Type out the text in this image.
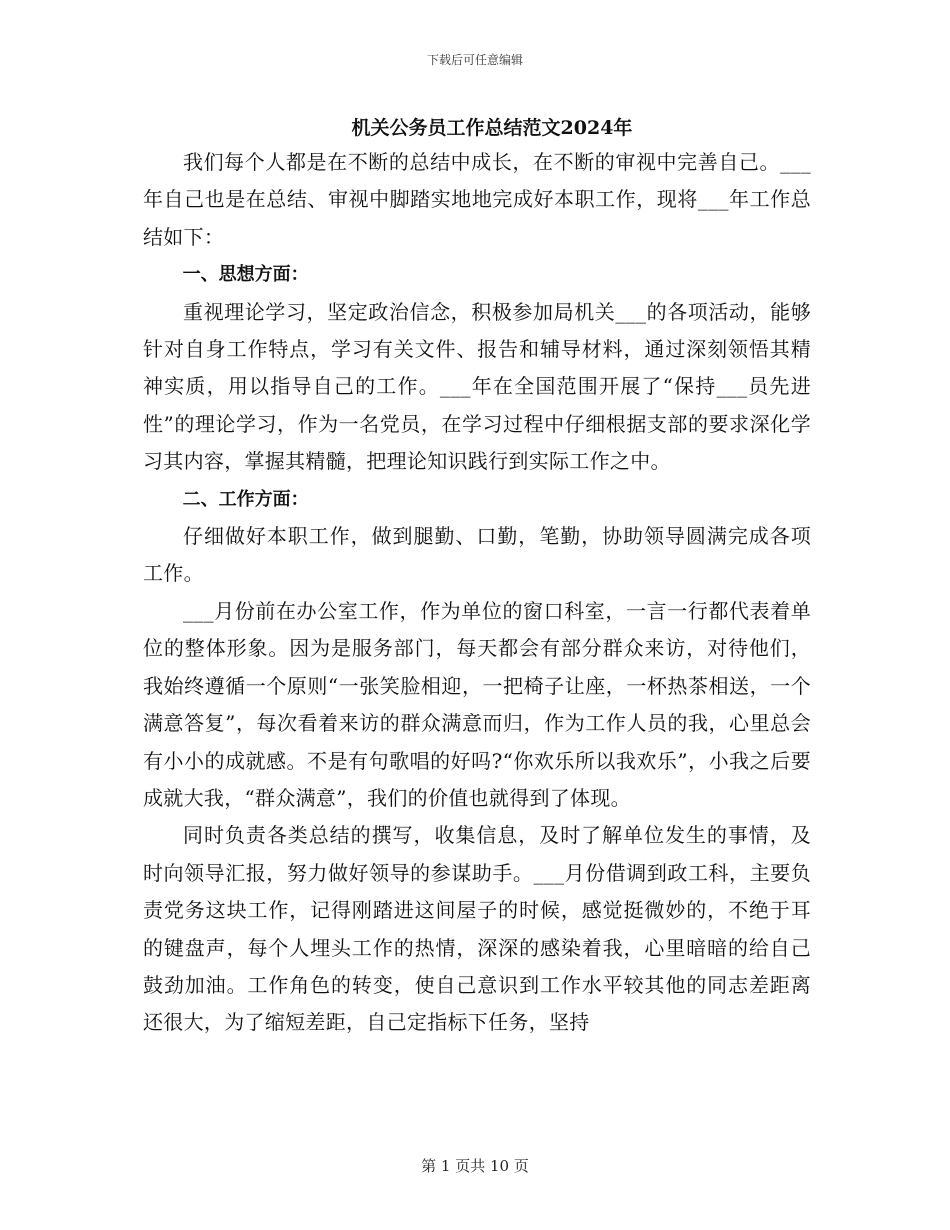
下载后可任意编辑
机关公务员工作总结范文2024年

我们每个人都是在不断的总结中成长，在不断的审视中完善自己。___年自己也是在总结、审视中脚踏实地地完成好本职工作，现将___年工作总结如下：

一、思想方面：

重视理论学习，坚定政治信念，积极参加局机关___的各项活动，能够针对自身工作特点，学习有关文件、报告和辅导材料，通过深刻领悟其精神实质，用以指导自己的工作。___年在全国范围开展了“保持___员先进性”的理论学习，作为一名党员，在学习过程中仔细根据支部的要求深化学习其内容，掌握其精髓，把理论知识践行到实际工作之中。

二、工作方面：

仔细做好本职工作，做到腿勤、口勤，笔勤，协助领导圆满完成各项工作。

___月份前在办公室工作，作为单位的窗口科室，一言一行都代表着单位的整体形象。因为是服务部门，每天都会有部分群众来访，对待他们，我始终遵循一个原则“一张笑脸相迎，一把椅子让座，一杯热茶相送，一个满意答复”，每次看着来访的群众满意而归，作为工作人员的我，心里总会有小小的成就感。不是有句歌唱的好吗?“你欢乐所以我欢乐”，小我之后要成就大我，“群众满意”，我们的价值也就得到了体现。

同时负责各类总结的撰写，收集信息，及时了解单位发生的事情，及时向领导汇报，努力做好领导的参谋助手。___月份借调到政工科，主要负责党务这块工作，记得刚踏进这间屋子的时候，感觉挺微妙的，不绝于耳的键盘声，每个人埋头工作的热情，深深的感染着我，心里暗暗的给自己鼓劲加油。工作角色的转变，使自己意识到工作水平较其他的同志差距离还很大，为了缩短差距，自己定指标下任务，坚持

第 1 页共 10 页
